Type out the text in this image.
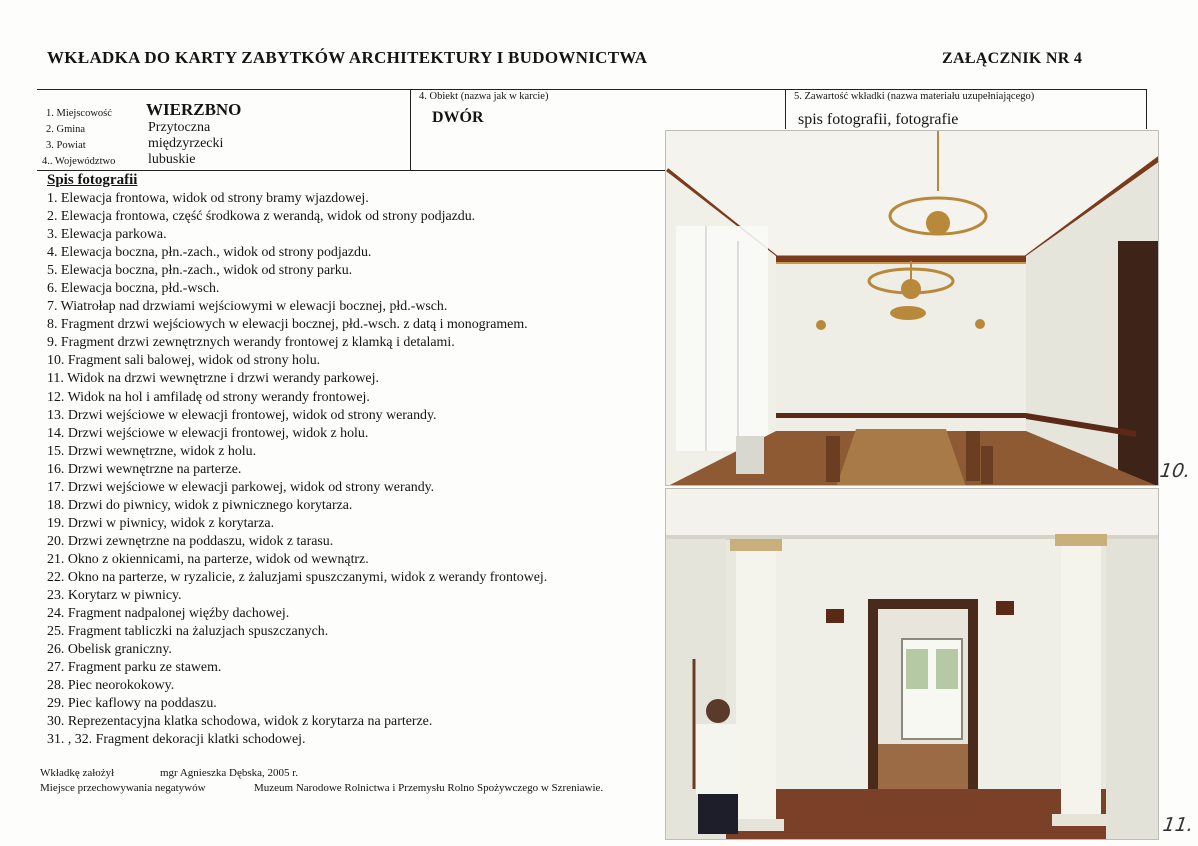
WKŁADKA DO KARTY ZABYTKÓW ARCHITEKTURY I BUDOWNICTWA	ZAŁĄCZNIK NR 4
1. Miejscowość WIERZBNO
2. Gmina	Przytoczna
3. Powiat	międzyrzecki
4.. Województwo lubuskie
4. Obiekt (nazwa jak w karcie)
DWÓR
5. Zawartość wkładki (nazwa materiału uzupełniającego)
spis fotografii, fotografie
Spis fotografii
1. Elewacja frontowa, widok od strony bramy wjazdowej.
2. Elewacja frontowa, część środkowa z werandą, widok od strony podjazdu.
3. Elewacja parkowa.
4. Elewacja boczna, płn.-zach., widok od strony podjazdu.
5. Elewacja boczna, płn.-zach., widok od strony parku.
6. Elewacja boczna, płd.-wsch.
7. Wiatrołap nad drzwiami wejściowymi w elewacji bocznej, płd.-wsch.
8. Fragment drzwi wejściowych w elewacji bocznej, płd.-wsch. z datą i monogramem.
9. Fragment drzwi zewnętrznych werandy frontowej z klamką i detalami.
10. Fragment sali balowej, widok od strony holu.
11. Widok na drzwi wewnętrzne i drzwi werandy parkowej.
12. Widok na hol i amfiladę od strony werandy frontowej.
13. Drzwi wejściowe w elewacji frontowej, widok od strony werandy.
14. Drzwi wejściowe w elewacji frontowej, widok z holu.
15. Drzwi wewnętrzne, widok z holu.
16. Drzwi wewnętrzne na parterze.
17. Drzwi wejściowe w elewacji parkowej, widok od strony werandy.
18. Drzwi do piwnicy, widok z piwnicznego korytarza.
19. Drzwi w piwnicy, widok z korytarza.
20. Drzwi zewnętrzne na poddaszu, widok z tarasu.
21. Okno z okiennicami, na parterze, widok od wewnątrz.
22. Okno na parterze, w ryzalicie, z żaluzjami spuszczanymi, widok z werandy frontowej.
23. Korytarz w piwnicy.
24. Fragment nadpalonej więźby dachowej.
25. Fragment tabliczki na żaluzjach spuszczanych.
26. Obelisk graniczny.
27. Fragment parku ze stawem.
28. Piec neorokokowy.
29. Piec kaflowy na poddaszu.
30. Reprezentacyjna klatka schodowa, widok z korytarza na parterze.
31. , 32. Fragment dekoracji klatki schodowej.
Wkładkę założył	mgr Agnieszka Dębska, 2005 r.
Miejsce przechowywania negatywów	Muzeum Narodowe Rolnictwa i Przemysłu Rolno Spożywczego w Szreniawie.
10.
11.
